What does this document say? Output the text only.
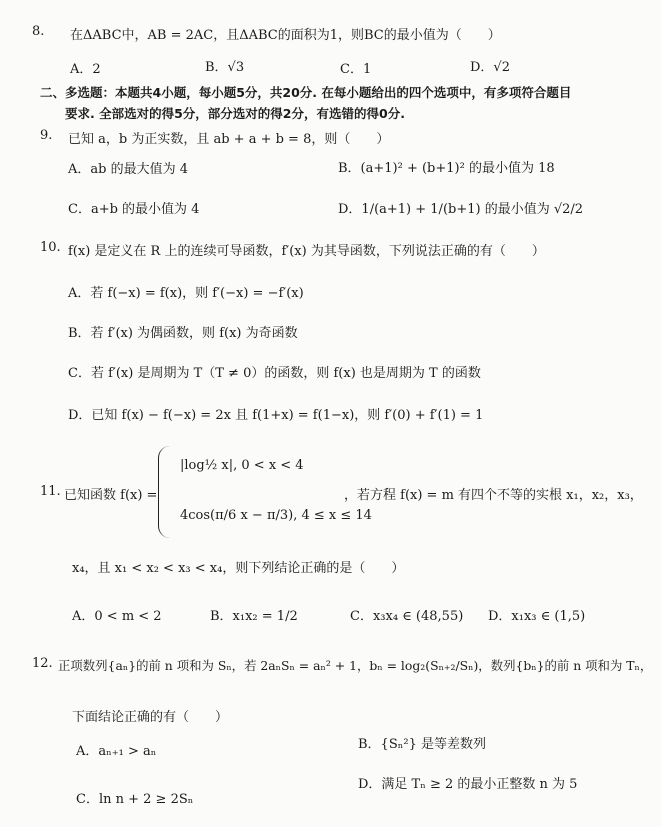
8. 在ΔABC中，AB = 2AC，且ΔABC的面积为1，则BC的最小值为（　　）
A．2	B．√3	C．1	D．√2
二、多选题：本题共4小题，每小题5分，共20分. 在每小题给出的四个选项中，有多项符合题目
要求. 全部选对的得5分，部分选对的得2分，有选错的得0分.
9. 已知 a，b 为正实数，且 ab + a + b = 8，则（　　）
A．ab 的最大值为 4	B．(a+1)² + (b+1)² 的最小值为 18
C．a+b 的最小值为 4	D．1/(a+1) + 1/(b+1) 的最小值为 √2/2
10. f(x) 是定义在 R 上的连续可导函数，f′(x) 为其导函数，下列说法正确的有（　　）
A．若 f(−x) = f(x)，则 f′(−x) = −f′(x)
B．若 f′(x) 为偶函数，则 f(x) 为奇函数
C．若 f′(x) 是周期为 T（T ≠ 0）的函数，则 f(x) 也是周期为 T 的函数
D．已知 f(x) − f(−x) = 2x 且 f(1+x) = f(1−x)，则 f′(0) + f′(1) = 1
11. 已知函数 f(x) =
|log½ x|, 0 < x < 4
4cos(π/6 x − π/3), 4 ≤ x ≤ 14
，若方程 f(x) = m 有四个不等的实根 x₁，x₂，x₃，
x₄，且 x₁ < x₂ < x₃ < x₄，则下列结论正确的是（　　）
A．0 < m < 2	B．x₁x₂ = 1/2	C．x₃x₄ ∈ (48,55) D．x₁x₃ ∈ (1,5)
12. 正项数列{aₙ}的前 n 项和为 Sₙ，若 2aₙSₙ = aₙ² + 1，bₙ = log₂(Sₙ₊₂/Sₙ)，数列{bₙ}的前 n 项和为 Tₙ，
下面结论正确的有（　　）
A．aₙ₊₁ > aₙ	B．{Sₙ²} 是等差数列
C．ln n + 2 ≥ 2Sₙ
D．满足 Tₙ ≥ 2 的最小正整数 n 为 5
